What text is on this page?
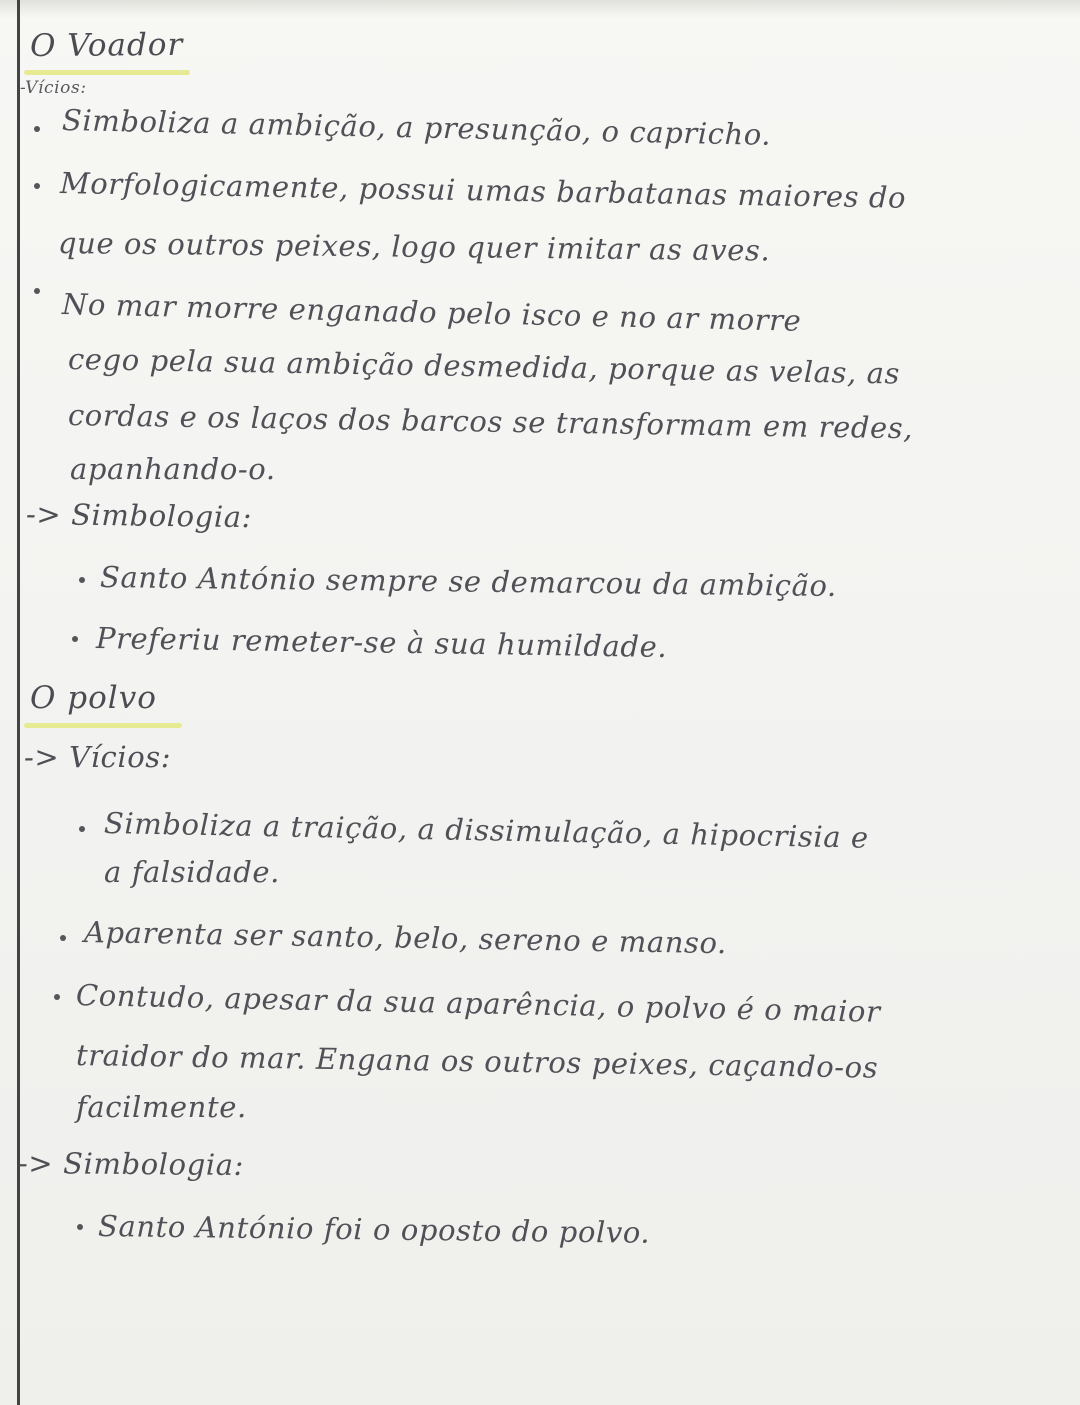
O Voador
-Vícios:
Simboliza a ambição, a presunção, o capricho.
Morfologicamente, possui umas barbatanas maiores do
que os outros peixes, logo quer imitar as aves.
No mar morre enganado pelo isco e no ar morre
cego pela sua ambição desmedida, porque as velas, as
cordas e os laços dos barcos se transformam em redes,
apanhando-o.
-> Simbologia:
Santo António sempre se demarcou da ambição.
Preferiu remeter-se à sua humildade.
O polvo
-> Vícios:
Simboliza a traição, a dissimulação, a hipocrisia e
a falsidade.
Aparenta ser santo, belo, sereno e manso.
Contudo, apesar da sua aparência, o polvo é o maior
traidor do mar. Engana os outros peixes, caçando-os
facilmente.
-> Simbologia:
Santo António foi o oposto do polvo.
